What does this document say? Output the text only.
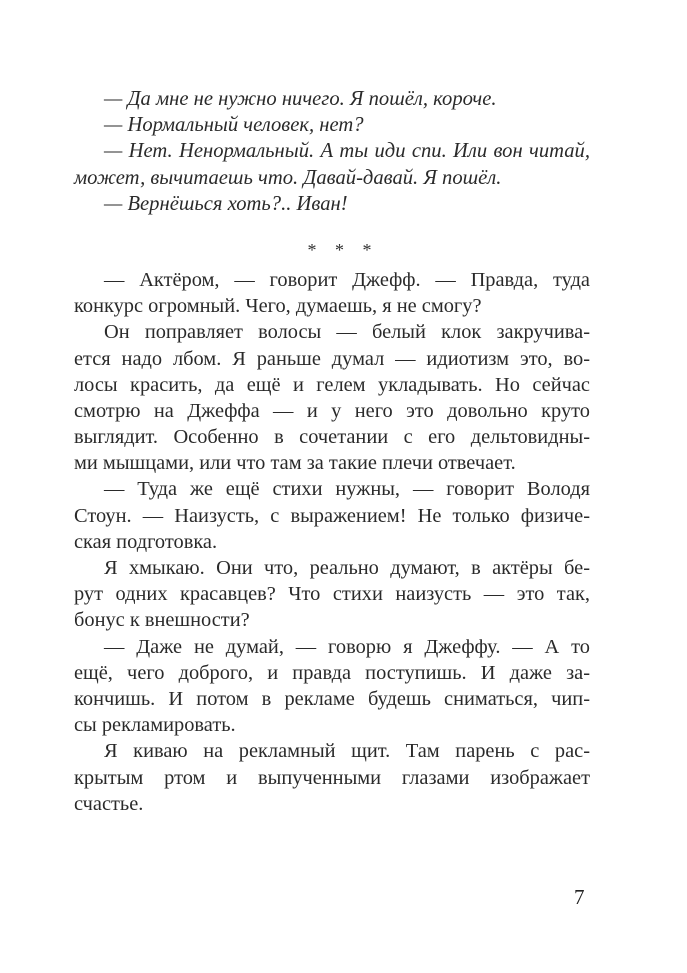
— Да мне не нужно ничего. Я пошёл, короче.
— Нормальный человек, нет?
— Нет. Ненормальный. А ты иди спи. Или вон читай,
может, вычитаешь что. Давай-давай. Я пошёл.
— Вернёшься хоть?.. Иван!
* * *
— Актёром, — говорит Джефф. — Правда, туда
конкурс огромный. Чего, думаешь, я не смогу?
Он поправляет волосы — белый клок закручива-
ется надо лбом. Я раньше думал — идиотизм это, во-
лосы красить, да ещё и гелем укладывать. Но сейчас
смотрю на Джеффа — и у него это довольно круто
выглядит. Особенно в сочетании с его дельтовидны-
ми мышцами, или что там за такие плечи отвечает.
— Туда же ещё стихи нужны, — говорит Володя
Стоун. — Наизусть, с выражением! Не только физиче-
ская подготовка.
Я хмыкаю. Они что, реально думают, в актёры бе-
рут одних красавцев? Что стихи наизусть — это так,
бонус к внешности?
— Даже не думай, — говорю я Джеффу. — А то
ещё, чего доброго, и правда поступишь. И даже за-
кончишь. И потом в рекламе будешь сниматься, чип-
сы рекламировать.
Я киваю на рекламный щит. Там парень с рас-
крытым ртом и выпученными глазами изображает
счастье.
7
